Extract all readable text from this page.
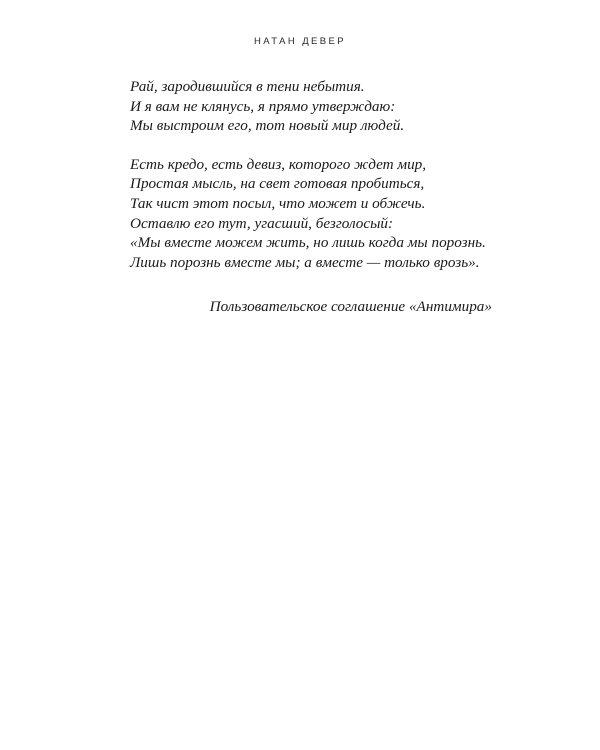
НАТАН ДЕВЕР

Рай, зародившийся в тени небытия.
И я вам не клянусь, я прямо утверждаю:
Мы выстроим его, тот новый мир людей.

Есть кредо, есть девиз, которого ждет мир,
Простая мысль, на свет готовая пробиться,
Так чист этот посыл, что может и обжечь.
Оставлю его тут, угасший, безголосый:
«Мы вместе можем жить, но лишь когда мы порознь.
Лишь порознь вместе мы; а вместе — только врозь».

Пользовательское соглашение «Антимира»
